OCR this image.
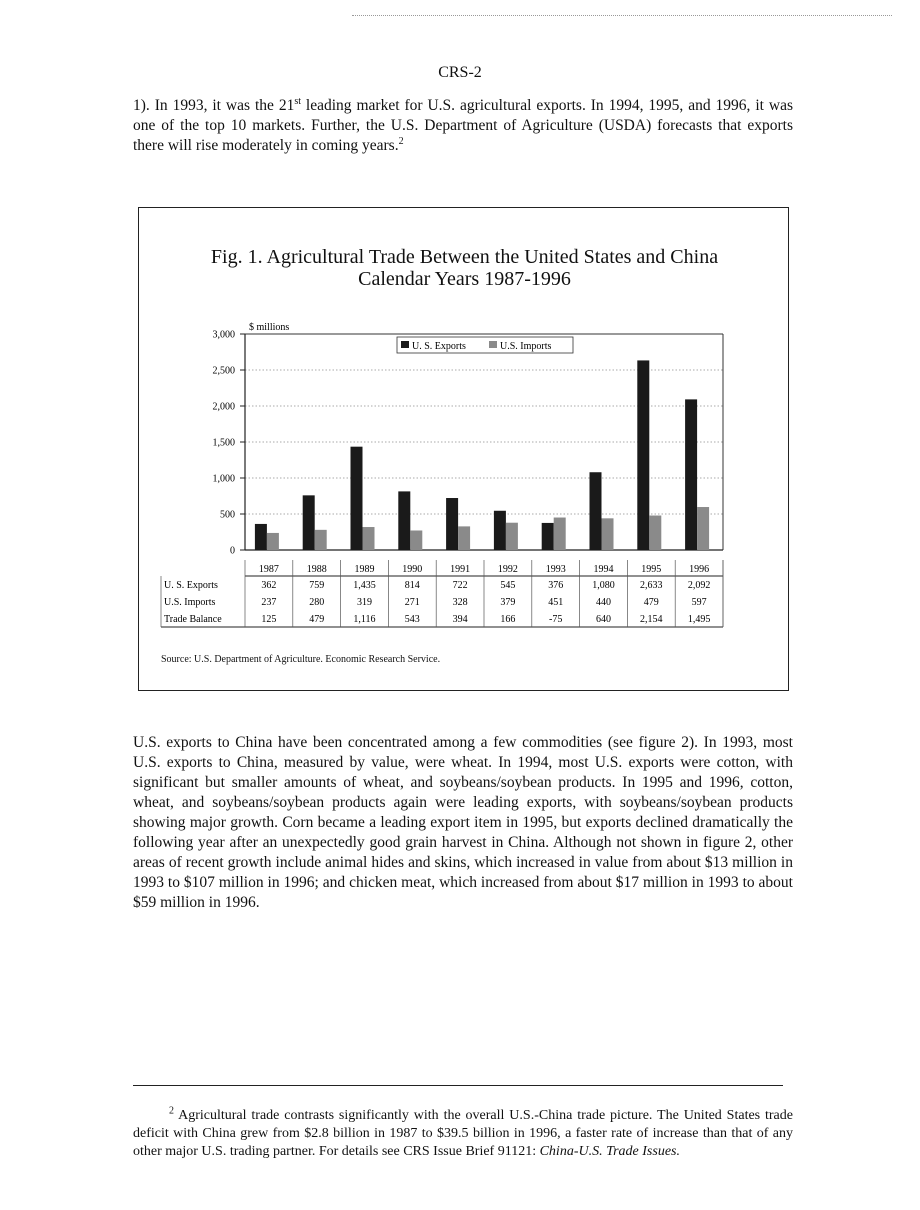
CRS-2

1). In 1993, it was the 21st leading market for U.S. agricultural exports. In 1994, 1995, and 1996, it was one of the top 10 markets. Further, the U.S. Department of Agriculture (USDA) forecasts that exports there will rise moderately in coming years.$^2$

Fig. 1. Agricultural Trade Between the United States and China
Calendar Years 1987-1996
$ millions
3,000
2,500
2,000
1,500
1,000
500
0
U. S. Exports	U.S. Imports
1987	1988	1989	1990	1991	1992	1993	1994	1995	1996
U. S. Exports	362	759	1,435	814	722	545	376	1,080	2,633	2,092
U.S. Imports	237	280	319	271	328	379	451	440	479	597
Trade Balance	125	479	1,116	543	394	166	-75	640	2,154	1,495
Source: U.S. Department of Agriculture. Economic Research Service.

U.S. exports to China have been concentrated among a few commodities (see figure 2). In 1993, most U.S. exports to China, measured by value, were wheat. In 1994, most U.S. exports were cotton, with significant but smaller amounts of wheat, and soybeans/soybean products. In 1995 and 1996, cotton, wheat, and soybeans/soybean products again were leading exports, with soybeans/soybean products showing major growth. Corn became a leading export item in 1995, but exports declined dramatically the following year after an unexpectedly good grain harvest in China. Although not shown in figure 2, other areas of recent growth include animal hides and skins, which increased in value from about $13 million in 1993 to $107 million in 1996; and chicken meat, which increased from about $17 million in 1993 to about $59 million in 1996.

$^2$ Agricultural trade contrasts significantly with the overall U.S.-China trade picture. The United States trade deficit with China grew from $2.8 billion in 1987 to $39.5 billion in 1996, a faster rate of increase than that of any other major U.S. trading partner. For details see CRS Issue Brief 91121: China-U.S. Trade Issues.
